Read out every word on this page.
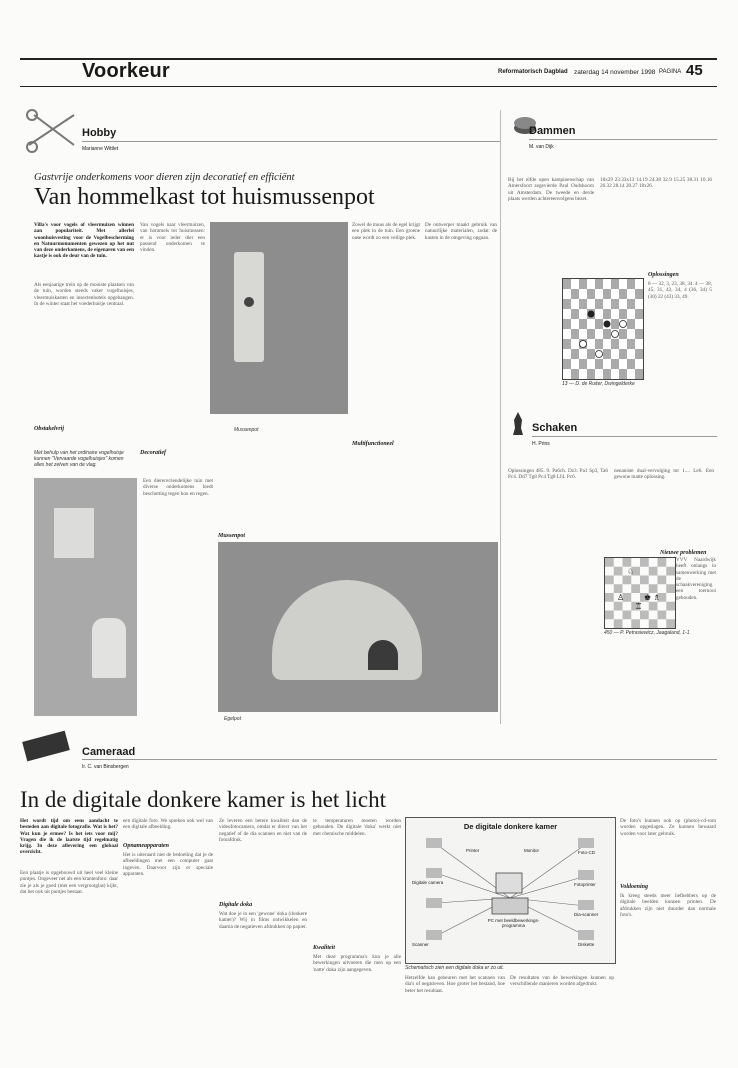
Voorkeur	Reformatorisch Dagblad zaterdag 14 november 1998 PAGINA 45
Hobby
Marianne Wittlet
Gastvrije onderkomens voor dieren zijn decoratief en efficiënt
Van hommelkast tot huismussenpot
Villa's voor vogels of vleermuizen winnen aan populariteit. Met allerlei woonhuisvesting voor de Vogelbescherming en Natuurmonumenten gewezen op het nut van deze onderkomens, de eigenaren van een kastje is ook de deur van de tuin.
Als eenjaarige trein op de mooiste plaatsen van de tuin, worden steeds vaker vogelhuisjes, vleermuiskasten en insectenhotels opgehangen. In de winter staat het voederhuisje centraal.
Obstakelvrij
Met behulp van het ordinaire vogelhuisje kunnen "Vervaarde vogelhuisjes" komen alles het zelven van de vlag.
Van vogels naar vleermuizen, van hommels tot huismussen: er is voor ieder dier een passend onderkomen te vinden.
Decoratief
Mussenpot
Multifunctioneel
Mussenpot
Zowel de muus als de egel krijgt een plek in de tuin. Een groene oase wordt zo een veilige plek.
De ontwerper maakt gebruik van natuurlijke materialen, zodat de kasten in de omgeving opgaan.
Een dierenvriendelijke tuin met diverse onderkomens biedt beschutting tegen kou en regen.
Egelpot
Dammen
M. van Dijk
Bij het elfde open kampioenschap van Amersfoort zegevierde Paul Oudshoorn uit Amsterdam. De tweede en derde plaats werden achtereenvolgens bezet.
18x29 23.33x13 14.19 24.38 32.9 15.25 38.31 10.16 26.32 28.14 20.27 18x26.
Oplossingen
8 — 32, 3, 23, 38, 34. 4 — 38, 45, 31, 42, 34, 4 (36, 34) 5 (30) 22 (43) 33, 49.
13 — D. de Ruiter, Dwingelderke
Schaken
H. Prins
Oplossingen 485. 9. Pa6ch. Dz3. Pa1 Sp3, Ta6 Pc4. Dd7 Tg8 Pc4 Tg8 Lf4. Pc6.
nenaniste dual-vervolging tot 1.... Le6. Een gewone matte oplossing.
Nieuwe problemen
♘
♚ ♗
♖
♙
VVV Naardwijk heeft onlangs in samenwerking met de schaakvereniging een toernooi gehouden.
450 — P. Petrasiewicz, Jaagaland, 1-1
Cameraad
Ir. C. van Binsbergen
In de digitale donkere kamer is het licht
Het wordt tijd om eens aandacht te besteden aan digitale fotografie. Wat is het? Wat kun je ermee? Is het iets voor mij? Vragen die ik de laatste tijd regelmatig krijg. In deze aflevering een globaal overzicht.
Een plaatje is opgebouwd uit heel veel kleine puntjes. Ongeveer net als een krantenfoto: daar zie je als je goed (met een vergrootglas) kijkt, dat het ook uit puntjes bestaat.
een digitale foto. We spreken ook wel van een digitale afbeelding.
Opnameapparaten
Het is uiteraard niet de bedoeling dat je de afbeeldingen met een computer gaat ingeven. Daarvoor zijn er speciale apparaten.
Ze leveren een betere kwaliteit dan de videofotocamera, omdat er direct van het negatief of de dia scannen en niet van de fotoafdruk.
Digitale doka
Wat doe je in een 'gewone' doka (donkere kamer)? Wij in films ontwikkelen en daarna de negatieven afdrukken op papier.
te temperaturen moeten worden gehouden. De digitale 'doka' werkt niet met chemische middelen.
Kwaliteit
Met deze programma's kun je alle bewerkingen uitvoeren die men op een 'natte' doka zijn aangegeven.
De digitale donkere kamer
Printer	Monitor
PC met beeldbewerkings-programma
Digitale camera
Scanner
Foto-CD
Fotoprinter
Dia-scanner
Diskette
Schematisch zien een digitale doka er zo uit.
Hetzelfde kan gebeuren met het scannen van dia's of negatieven. Hoe groter het bestand, hoe beter het resultaat.
De resultaten van de bewerkingen kunnen op verschillende manieren worden afgedrukt.
De foto's kunnen ook op (photo)-cd-rom worden opgeslagen. Ze kunnen bewaard worden voor later gebruik.
Voldoening
Ik kreeg steeds meer liefhebbers op de digitale beelden kunnen printen. De afdrukken zijn niet duurder dan normale foto's.
